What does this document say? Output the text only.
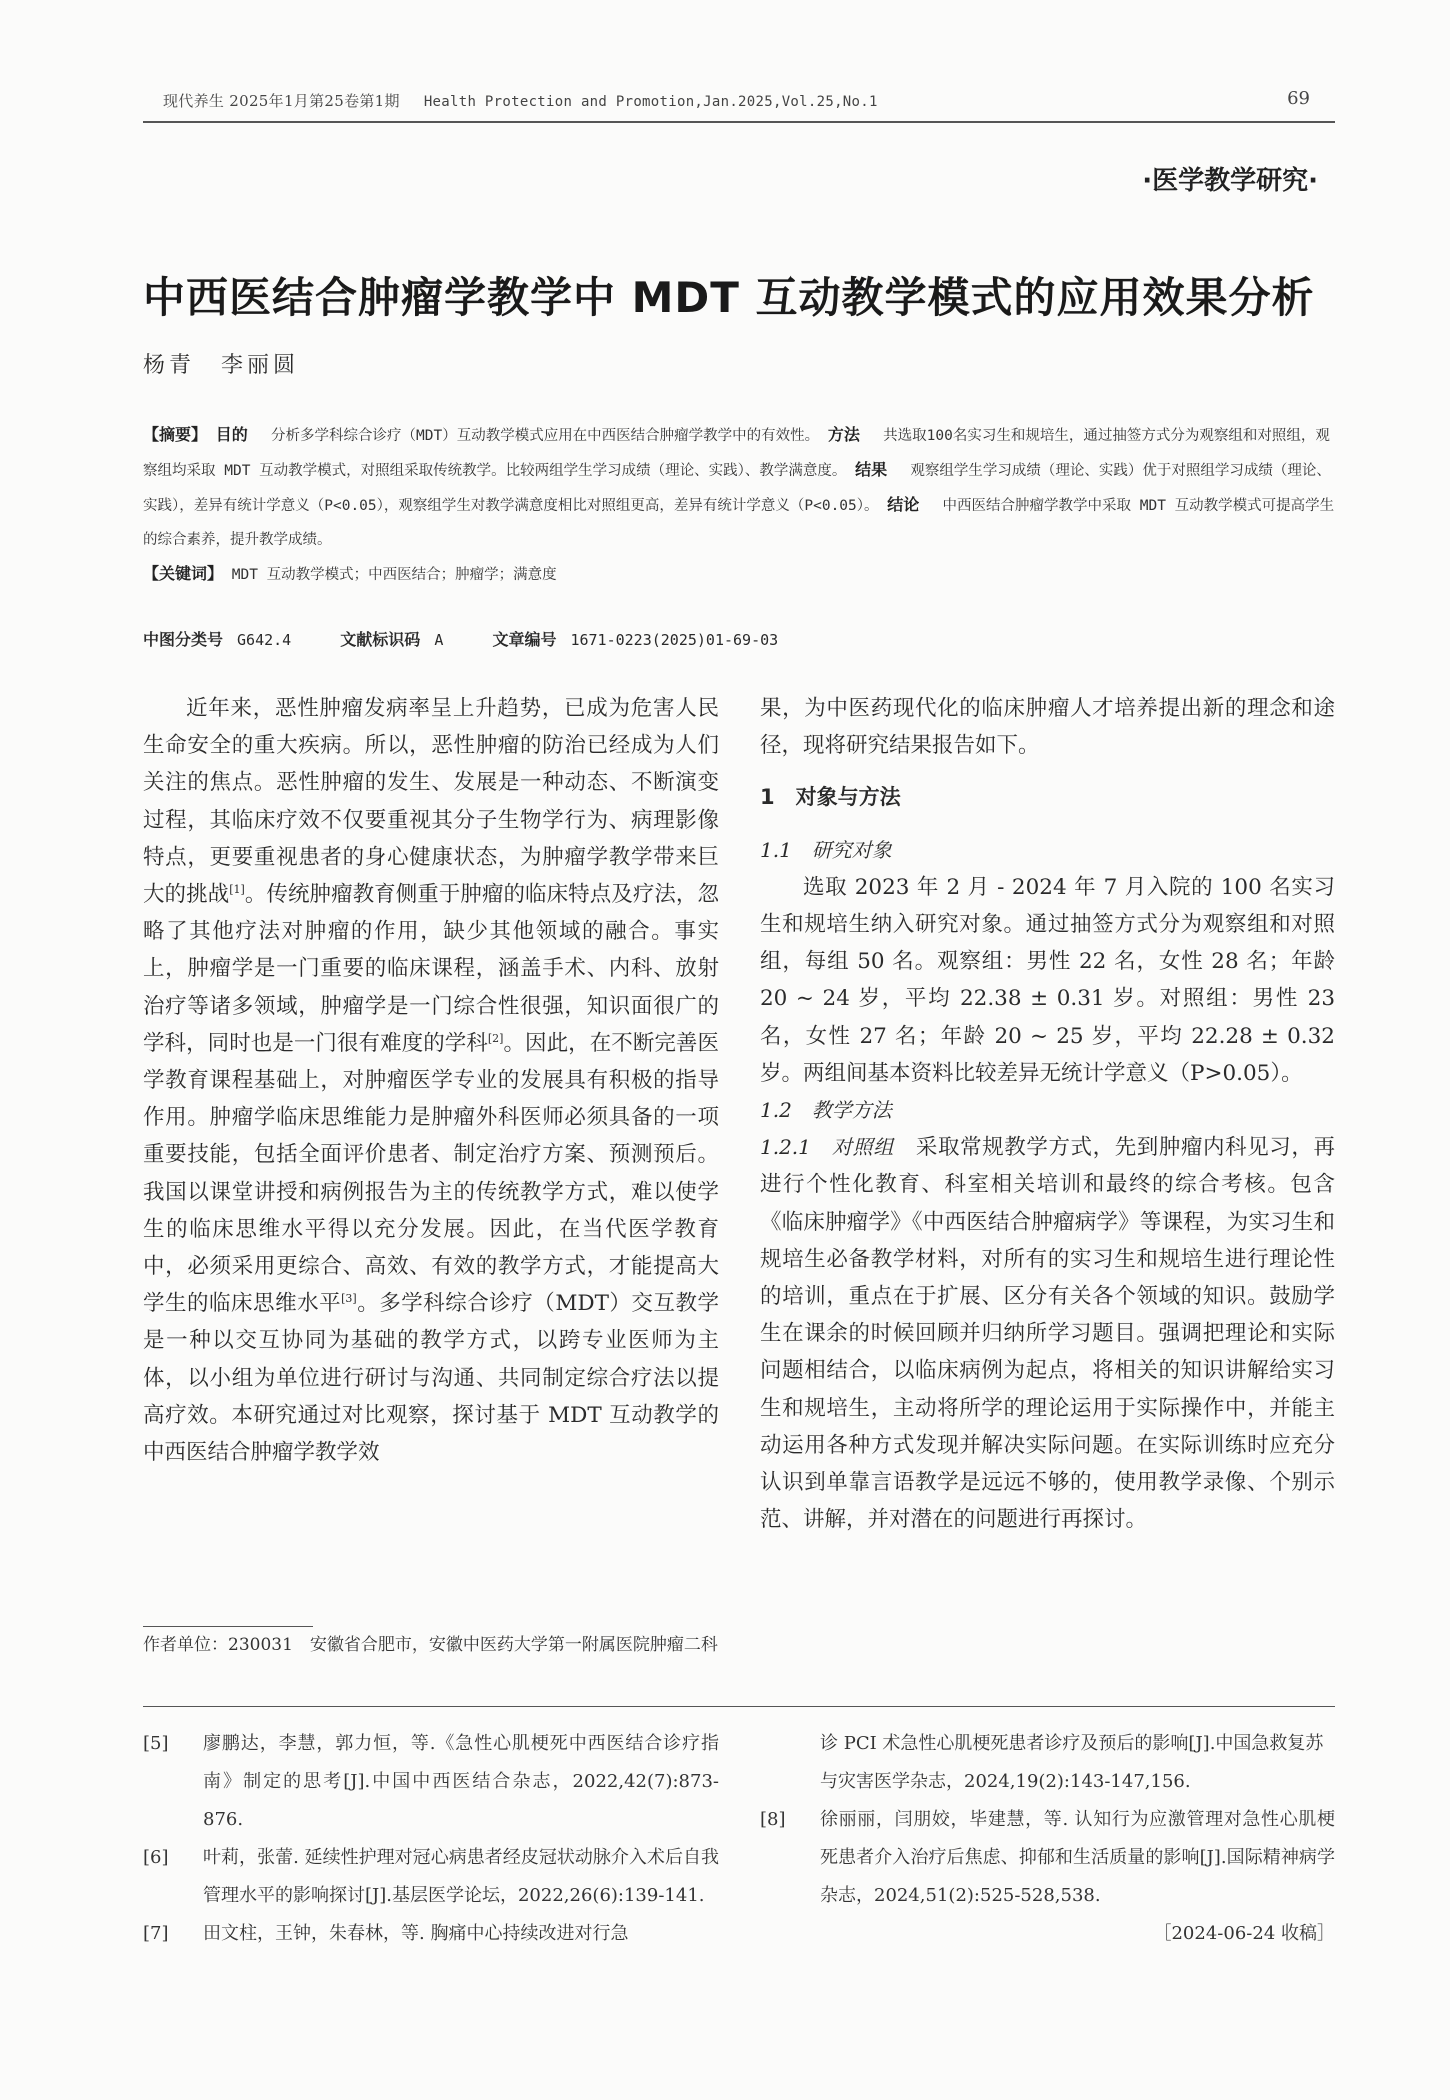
现代养生 2025年1月第25卷第1期 Health Protection and Promotion,Jan.2025,Vol.25,No.1	69
·医学教学研究·
中西医结合肿瘤学教学中 MDT 互动教学模式的应用效果分析
杨青　李丽圆

【摘要】 目的　 分析多学科综合诊疗（MDT）互动教学模式应用在中西医结合肿瘤学教学中的有效性。 方法　 共选取100名实习生和规培生，通过抽签方式分为观察组和对照组，观察组均采取 MDT 互动教学模式，对照组采取传统教学。比较两组学生学习成绩（理论、实践）、教学满意度。 结果　 观察组学生学习成绩（理论、实践）优于对照组学习成绩（理论、实践），差异有统计学意义（P<0.05），观察组学生对教学满意度相比对照组更高，差异有统计学意义（P<0.05）。 结论　 中西医结合肿瘤学教学中采取 MDT 互动教学模式可提高学生的综合素养，提升教学成绩。

【关键词】 MDT 互动教学模式；中西医结合；肿瘤学；满意度

中图分类号 G642.4	文献标识码 A	文章编号 1671-0223(2025)01-69-03

近年来，恶性肿瘤发病率呈上升趋势，已成为危害人民生命安全的重大疾病。所以，恶性肿瘤的防治已经成为人们关注的焦点。恶性肿瘤的发生、发展是一种动态、不断演变过程，其临床疗效不仅要重视其分子生物学行为、病理影像特点，更要重视患者的身心健康状态，为肿瘤学教学带来巨大的挑战[1]。传统肿瘤教育侧重于肿瘤的临床特点及疗法，忽略了其他疗法对肿瘤的作用，缺少其他领域的融合。事实上，肿瘤学是一门重要的临床课程，涵盖手术、内科、放射治疗等诸多领域，肿瘤学是一门综合性很强，知识面很广的学科，同时也是一门很有难度的学科[2]。因此，在不断完善医学教育课程基础上，对肿瘤医学专业的发展具有积极的指导作用。肿瘤学临床思维能力是肿瘤外科医师必须具备的一项重要技能，包括全面评价患者、制定治疗方案、预测预后。我国以课堂讲授和病例报告为主的传统教学方式，难以使学生的临床思维水平得以充分发展。因此，在当代医学教育中，必须采用更综合、高效、有效的教学方式，才能提高大学生的临床思维水平[3]。多学科综合诊疗（MDT）交互教学是一种以交互协同为基础的教学方式，以跨专业医师为主体，以小组为单位进行研讨与沟通、共同制定综合疗法以提高疗效。本研究通过对比观察，探讨基于 MDT 互动教学的中西医结合肿瘤学教学效

作者单位：230031　安徽省合肥市，安徽中医药大学第一附属医院肿瘤二科

果，为中医药现代化的临床肿瘤人才培养提出新的理念和途径，现将研究结果报告如下。

1　对象与方法
1.1　研究对象

选取 2023 年 2 月 - 2024 年 7 月入院的 100 名实习生和规培生纳入研究对象。通过抽签方式分为观察组和对照组，每组 50 名。观察组：男性 22 名，女性 28 名；年龄 20 ~ 24 岁，平均 22.38 ± 0.31 岁。对照组：男性 23 名，女性 27 名；年龄 20 ~ 25 岁，平均 22.28 ± 0.32 岁。两组间基本资料比较差异无统计学意义（P>0.05）。

1.2　教学方法

1.2.1　对照组　 采取常规教学方式，先到肿瘤内科见习，再进行个性化教育、科室相关培训和最终的综合考核。包含《临床肿瘤学》《中西医结合肿瘤病学》等课程，为实习生和规培生必备教学材料，对所有的实习生和规培生进行理论性的培训，重点在于扩展、区分有关各个领域的知识。鼓励学生在课余的时候回顾并归纳所学习题目。强调把理论和实际问题相结合，以临床病例为起点，将相关的知识讲解给实习生和规培生，主动将所学的理论运用于实际操作中，并能主动运用各种方式发现并解决实际问题。在实际训练时应充分认识到单靠言语教学是远远不够的，使用教学录像、个别示范、讲解，并对潜在的问题进行再探讨。

[5]	廖鹏达，李慧，郭力恒，等.《急性心肌梗死中西医结合诊疗指南》制定的思考[J].中国中西医结合杂志，2022,42(7):873-876.
[6]	叶莉，张蕾. 延续性护理对冠心病患者经皮冠状动脉介入术后自我管理水平的影响探讨[J].基层医学论坛，2022,26(6):139-141.
[7]	田文柱，王钟，朱春林，等. 胸痛中心持续改进对行急
诊 PCI 术急性心肌梗死患者诊疗及预后的影响[J].中国急救复苏与灾害医学杂志，2024,19(2):143-147,156.
[8]	徐丽丽，闫朋姣，毕建慧，等. 认知行为应激管理对急性心肌梗死患者介入治疗后焦虑、抑郁和生活质量的影响[J].国际精神病学杂志，2024,51(2):525-528,538.
［2024-06-24 收稿］
